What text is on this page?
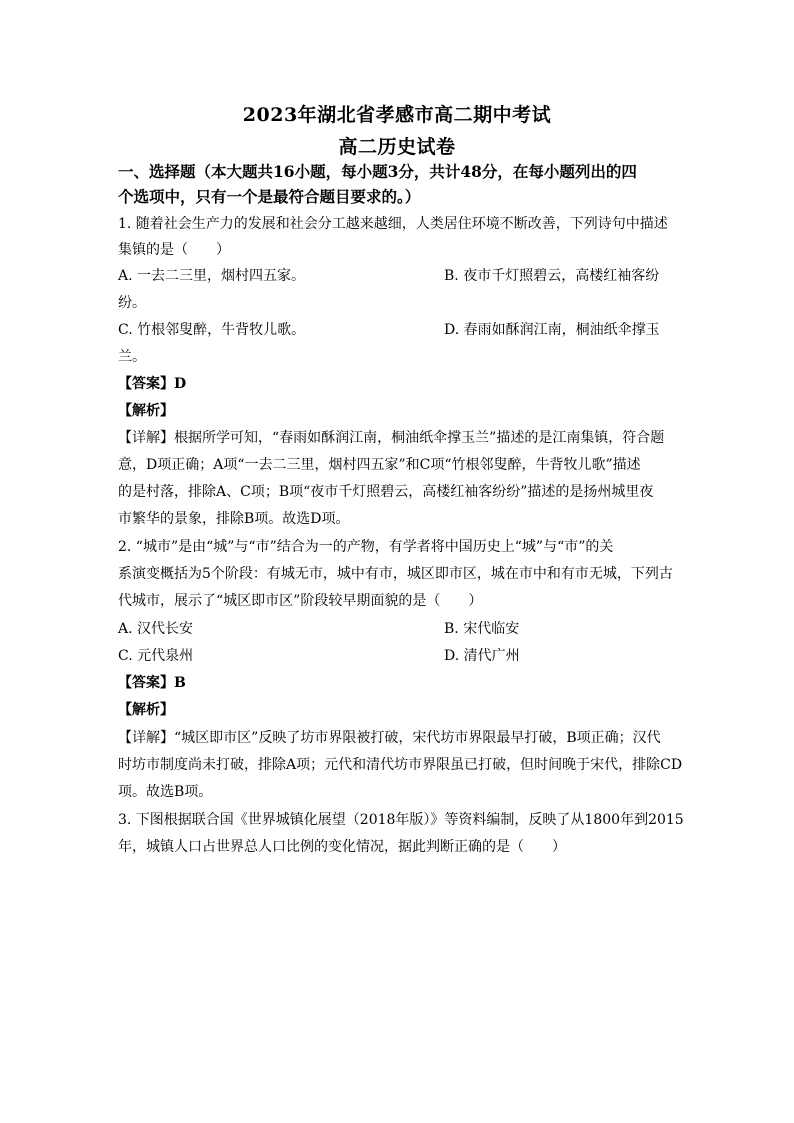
2023年湖北省孝感市高二期中考试
高二历史试卷
一、选择题（本大题共16小题，每小题3分，共计48分，在每小题列出的四
个选项中，只有一个是最符合题目要求的。）
1. 随着社会生产力的发展和社会分工越来越细，人类居住环境不断改善，下列诗句中描述
集镇的是（　　）
A. 一去二三里，烟村四五家。	B. 夜市千灯照碧云，高楼红袖客纷
纷。
C. 竹根邻叟醉，牛背牧儿歌。	D. 春雨如酥润江南，桐油纸伞撑玉
兰。
【答案】D
【解析】
【详解】根据所学可知，“春雨如酥润江南，桐油纸伞撑玉兰”描述的是江南集镇，符合题
意，D项正确；A项“一去二三里，烟村四五家”和C项“竹根邻叟醉，牛背牧儿歌”描述
的是村落，排除A、C项；B项“夜市千灯照碧云，高楼红袖客纷纷”描述的是扬州城里夜
市繁华的景象，排除B项。故选D项。
2. “城市”是由“城”与“市”结合为一的产物，有学者将中国历史上“城”与“市”的关
系演变概括为5个阶段：有城无市，城中有市，城区即市区，城在市中和有市无城，下列古
代城市，展示了“城区即市区”阶段较早期面貌的是（　　）
A. 汉代长安	B. 宋代临安
C. 元代泉州	D. 清代广州
【答案】B
【解析】
【详解】“城区即市区”反映了坊市界限被打破，宋代坊市界限最早打破，B项正确；汉代
时坊市制度尚未打破，排除A项；元代和清代坊市界限虽已打破，但时间晚于宋代，排除CD
项。故选B项。
3. 下图根据联合国《世界城镇化展望（2018年版）》等资料编制，反映了从1800年到2015
年，城镇人口占世界总人口比例的变化情况，据此判断正确的是（　　）
